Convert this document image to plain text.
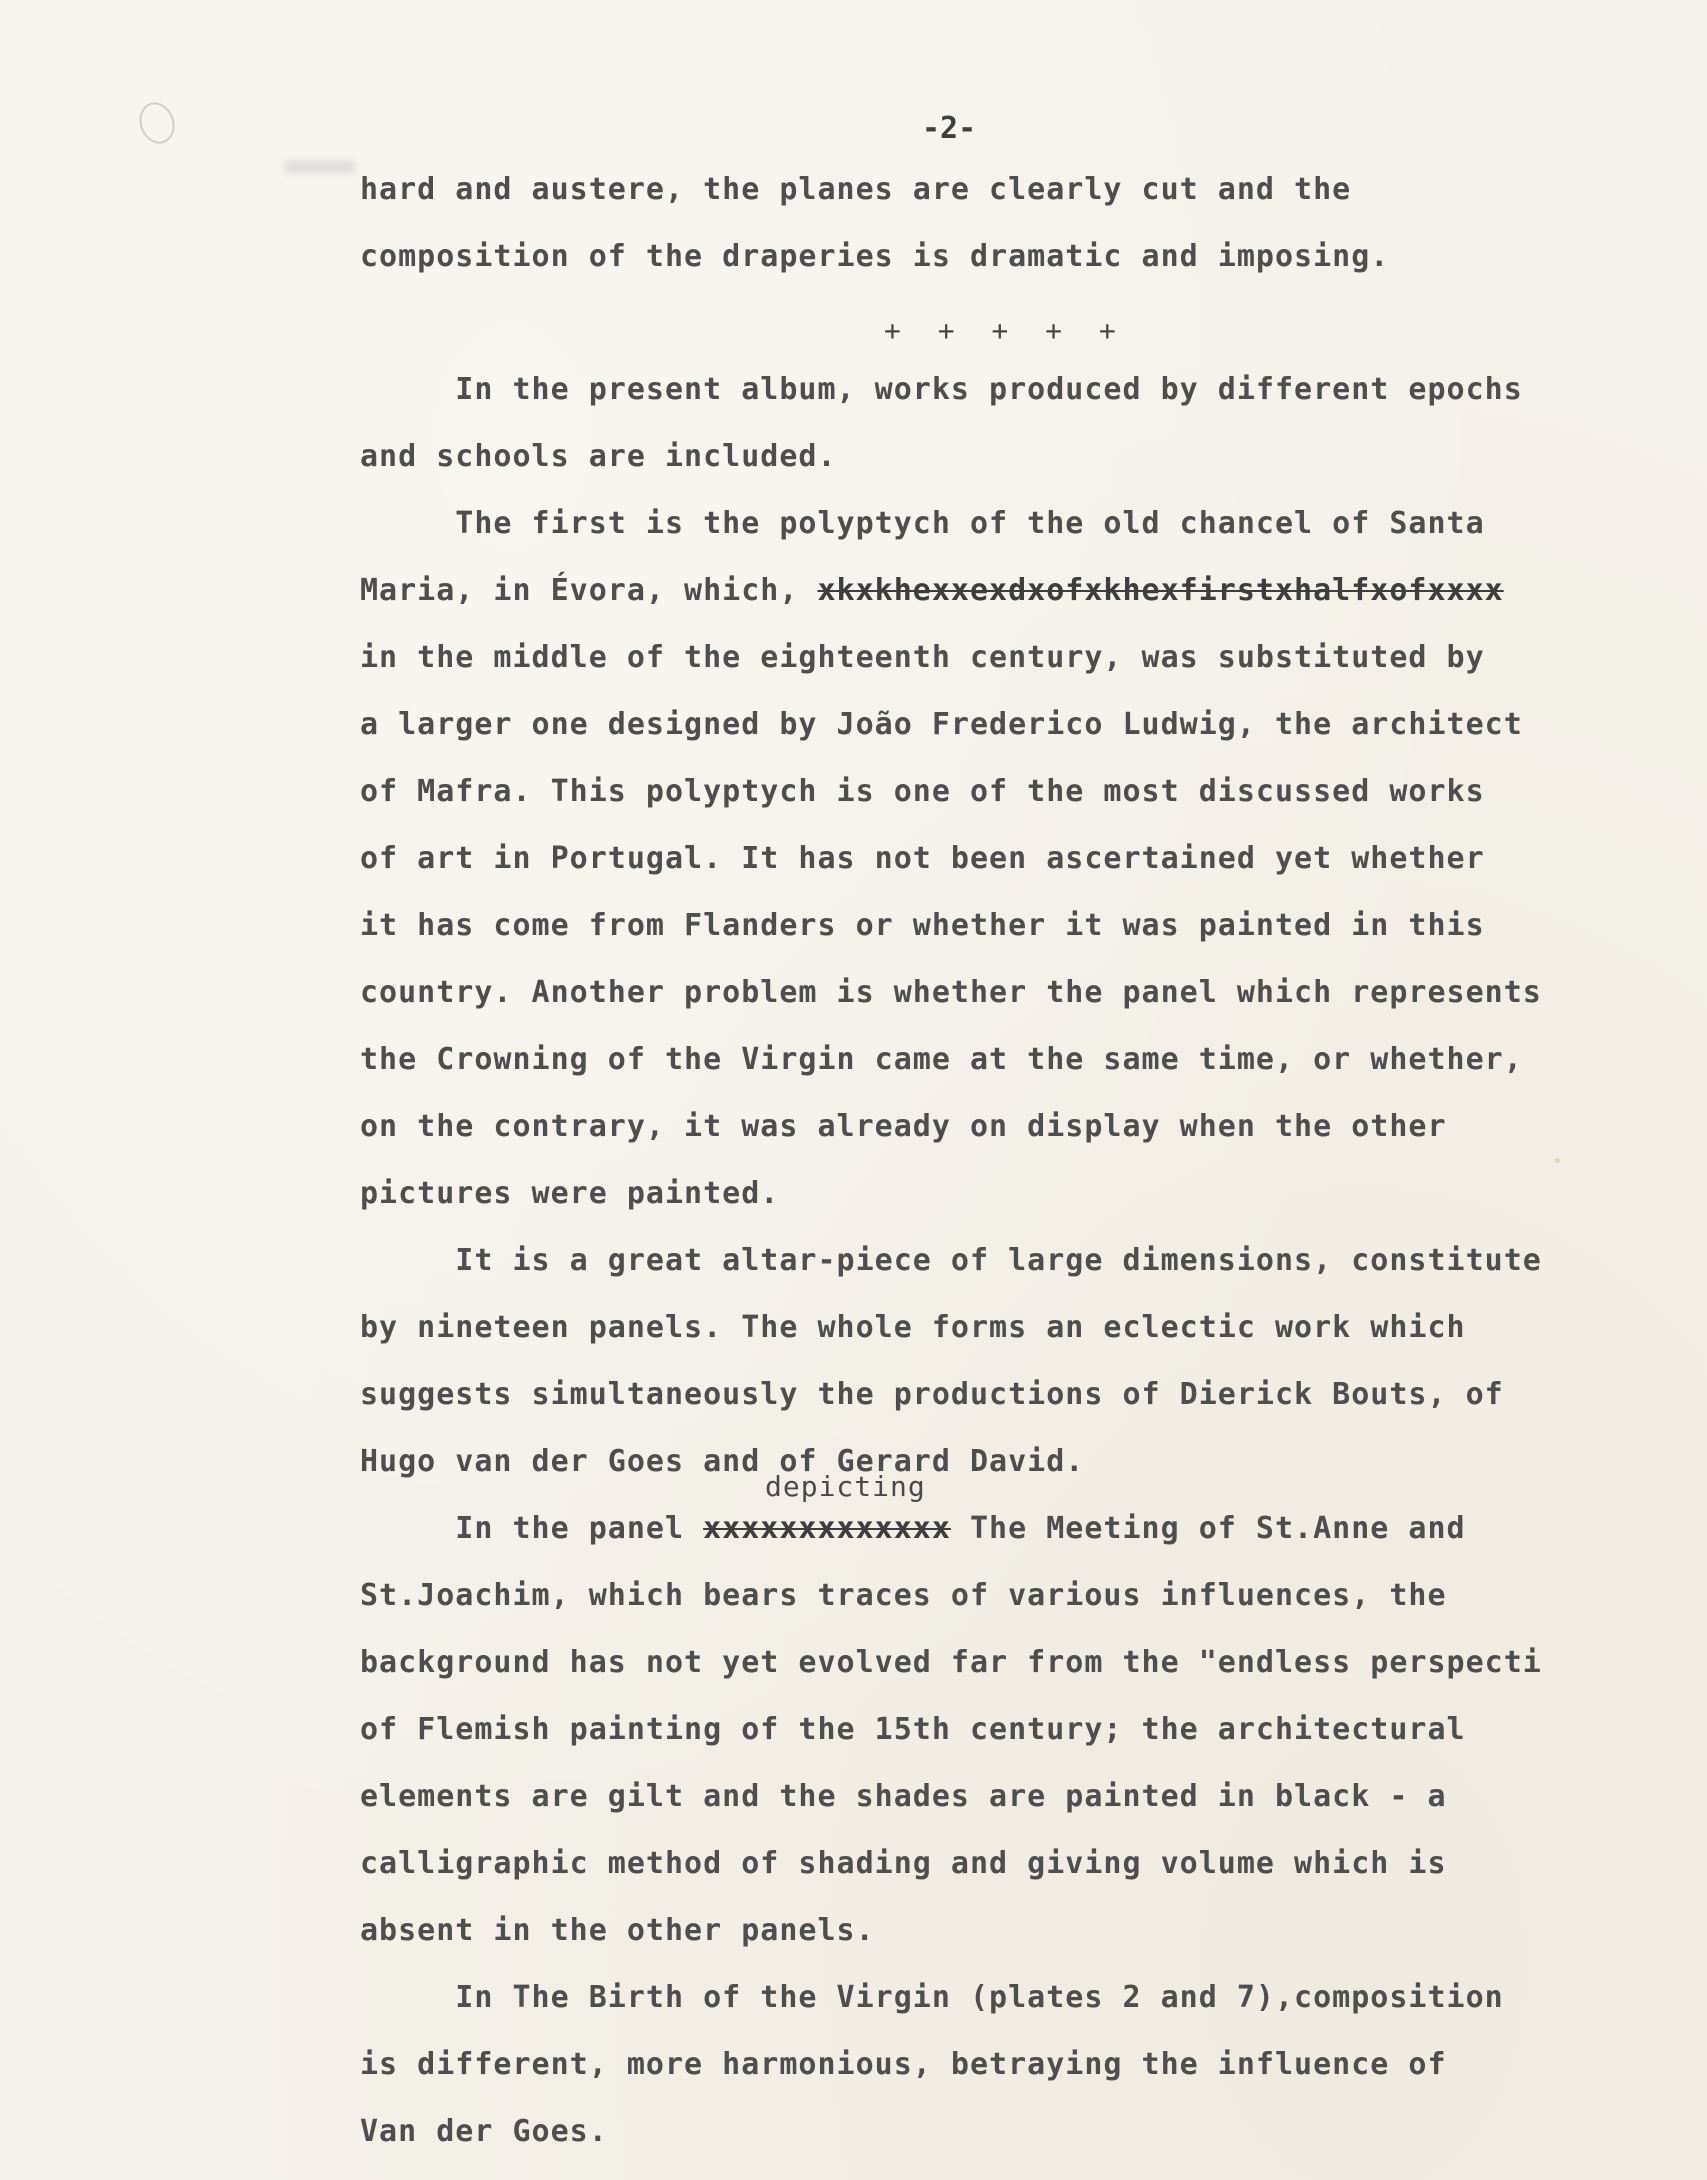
-2-
hard and austere, the planes are clearly cut and the
composition of the draperies is dramatic and imposing.
+ + + + +
In the present album, works produced by different epochs
and schools are included.
The first is the polyptych of the old chancel of Santa
Maria, in Évora, which, xkxkhexxexdxofxkhexfirstxhalfxofxxxx
in the middle of the eighteenth century, was substituted by
a larger one designed by João Frederico Ludwig, the architect
of Mafra. This polyptych is one of the most discussed works
of art in Portugal. It has not been ascertained yet whether
it has come from Flanders or whether it was painted in this
country. Another problem is whether the panel which represents
the Crowning of the Virgin came at the same time, or whether,
on the contrary, it was already on display when the other
pictures were painted.
It is a great altar-piece of large dimensions, constitute
by nineteen panels. The whole forms an eclectic work which
suggests simultaneously the productions of Dierick Bouts, of
Hugo van der Goes and of Gerard David.
depicting
In the panel xxxxxxxxxxxxx The Meeting of St.Anne and
St.Joachim, which bears traces of various influences, the
background has not yet evolved far from the "endless perspecti
of Flemish painting of the 15th century; the architectural
elements are gilt and the shades are painted in black - a
calligraphic method of shading and giving volume which is
absent in the other panels.
In The Birth of the Virgin (plates 2 and 7),composition
is different, more harmonious, betraying the influence of
Van der Goes.
